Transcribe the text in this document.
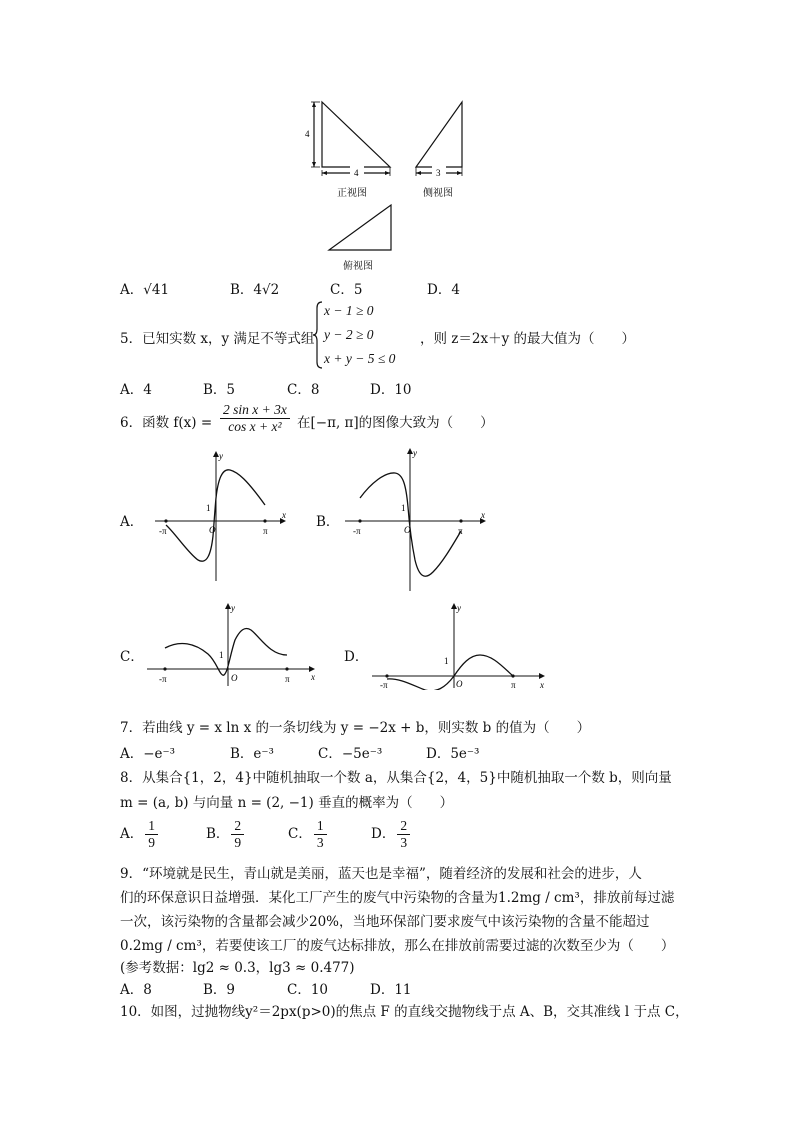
4
4	3
正视图	侧视图
俯视图
A．√41	B．4√2	C．5	D．4
5．已知实数 x，y 满足不等式组
x − 1 ≥ 0
y − 2 ≥ 0
x + y − 5 ≤ 0
，则 z＝2x＋y 的最大值为（　　）
A．4	B．5	C．8	D．10
6．函数 $f(x) = \frac{\text{2 sin x + 3x}}{\text{cos x + x²}}$ 在[−π, π]的图像大致为（　　）
A．	B．
C．	D．
y
x
1
O
-π	π
y
x
1
O
-π	π
y
x
1
O
-π	π
y
x
1
O
-π	π
7．若曲线 y = x ln x 的一条切线为 y = −2x + b，则实数 b 的值为（　　）
A．−e⁻³	B．e⁻³	C．−5e⁻³	D．5e⁻³
8．从集合{1，2，4}中随机抽取一个数 a，从集合{2，4，5}中随机抽取一个数 b，则向量
m = (a, b) 与向量 n = (2, −1) 垂直的概率为（　　）
A． $\frac{1}{9}$	B． $\frac{2}{9}$	C． $\frac{1}{3}$	D． $\frac{2}{3}$
9．“环境就是民生，青山就是美丽，蓝天也是幸福”，随着经济的发展和社会的进步，人
们的环保意识日益增强．某化工厂产生的废气中污染物的含量为1.2mg / cm³，排放前每过滤
一次，该污染物的含量都会减少20%，当地环保部门要求废气中该污染物的含量不能超过
0.2mg / cm³，若要使该工厂的废气达标排放，那么在排放前需要过滤的次数至少为（　　）
(参考数据：lg2 ≈ 0.3，lg3 ≈ 0.477)
A．8	B．9	C．10	D．11
10．如图，过抛物线y²＝2px(p>0)的焦点 F 的直线交抛物线于点 A、B，交其准线 l 于点 C，
